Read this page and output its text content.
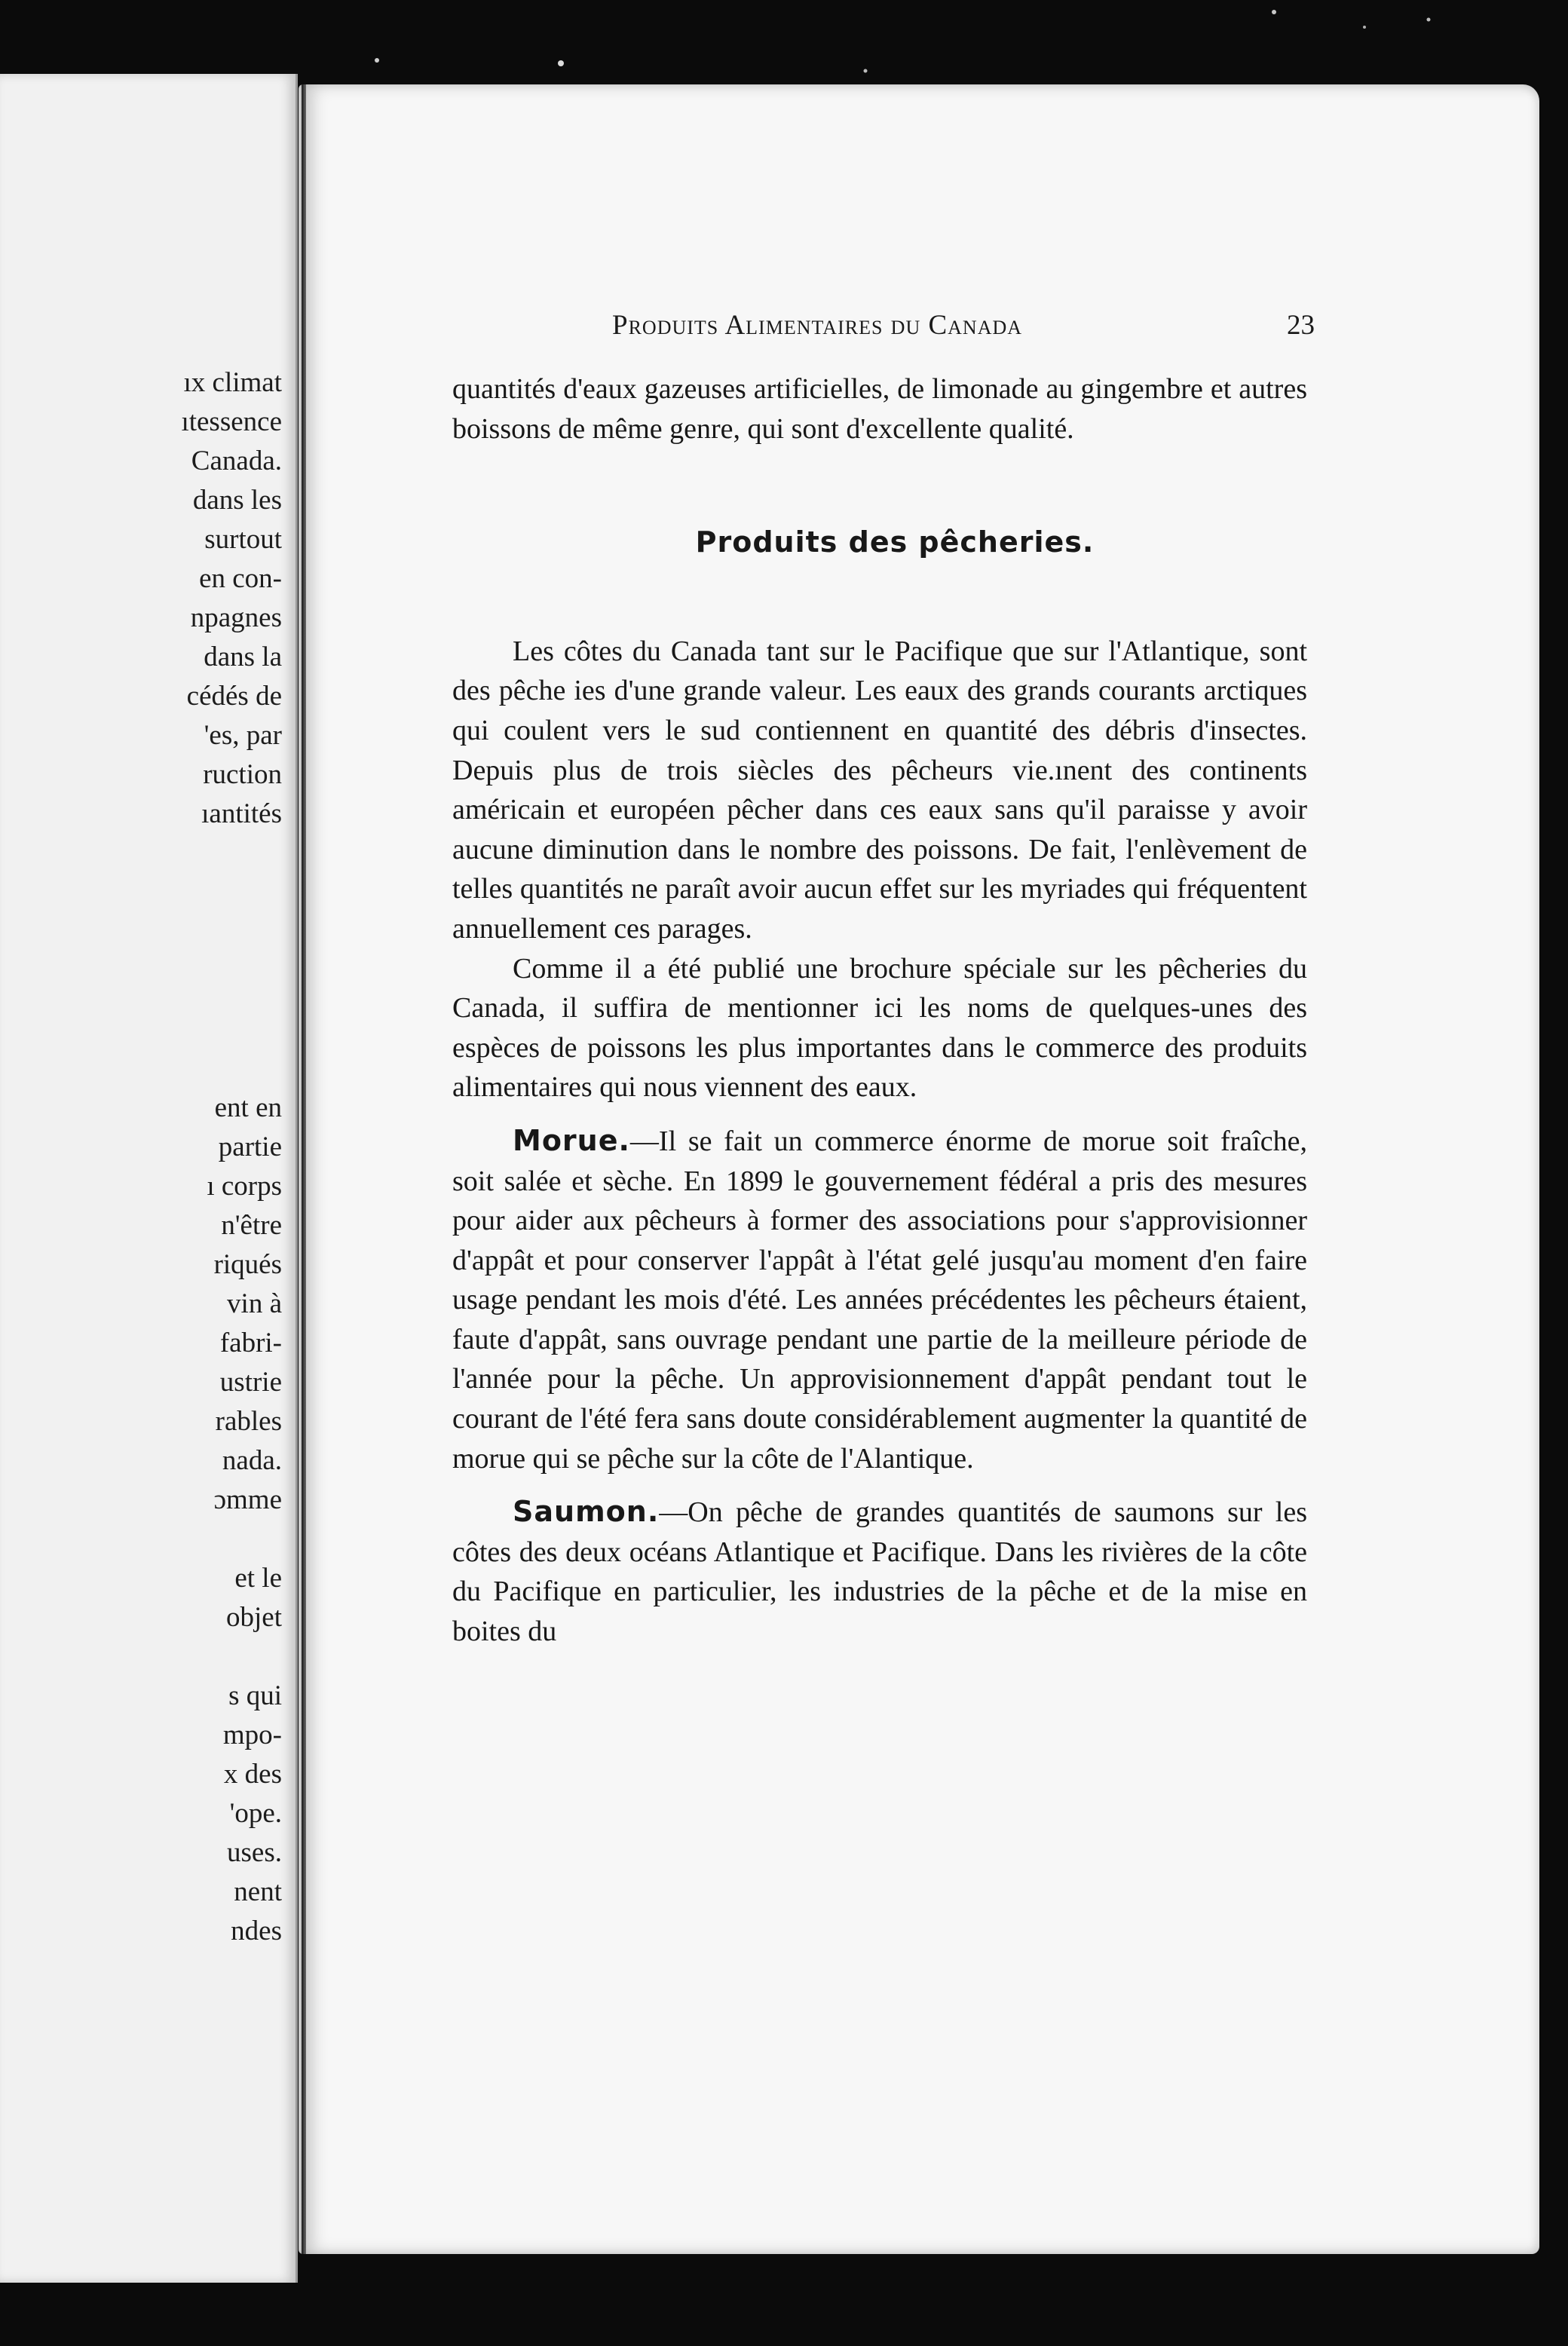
ıx climat
ıtessence
Canada.
dans les
surtout
en con-
npagnes
dans la
cédés de
'es, par
ruction
ıantités
ent en
partie
ı corps
n'être
riqués
vin à
fabri-
ustrie
rables
nada.
ɔmme
et le
objet
s qui
mpo-
x des
'ope.
uses.
nent
ndes
Produits Alimentaires du Canada	23

quantités d'eaux gazeuses artificielles, de limonade au gingembre et autres boissons de même genre, qui sont d'excellente qualité.

Produits des pêcheries.

Les côtes du Canada tant sur le Pacifique que sur l'Atlantique, sont des pêche ies d'une grande valeur. Les eaux des grands courants arctiques qui coulent vers le sud contiennent en quantité des débris d'insectes. Depuis plus de trois siècles des pêcheurs vie.ınent des continents américain et européen pêcher dans ces eaux sans qu'il paraisse y avoir aucune diminution dans le nombre des poissons. De fait, l'enlèvement de telles quantités ne paraît avoir aucun effet sur les myriades qui fréquentent annuellement ces parages.

Comme il a été publié une brochure spéciale sur les pêcheries du Canada, il suffira de mentionner ici les noms de quelques-unes des espèces de poissons les plus importantes dans le commerce des produits alimentaires qui nous viennent des eaux.

Morue.—Il se fait un commerce énorme de morue soit fraîche, soit salée et sèche. En 1899 le gouvernement fédéral a pris des mesures pour aider aux pêcheurs à former des associations pour s'approvisionner d'appât et pour conserver l'appât à l'état gelé jusqu'au moment d'en faire usage pendant les mois d'été. Les années précédentes les pêcheurs étaient, faute d'appât, sans ouvrage pendant une partie de la meilleure période de l'année pour la pêche. Un approvisionnement d'appât pendant tout le courant de l'été fera sans doute considérablement augmenter la quantité de morue qui se pêche sur la côte de l'Alantique.

Saumon.—On pêche de grandes quantités de saumons sur les côtes des deux océans Atlantique et Pacifique. Dans les rivières de la côte du Pacifique en particulier, les industries de la pêche et de la mise en boites du
